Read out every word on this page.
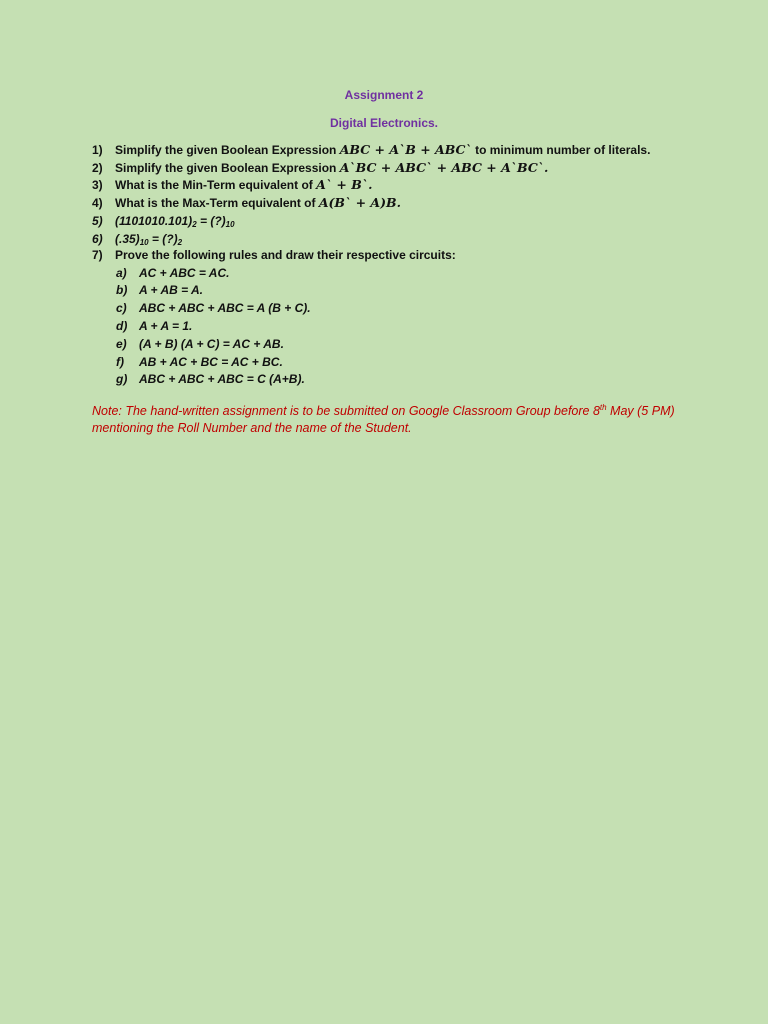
Assignment 2
Digital Electronics.
1) Simplify the given Boolean Expression ABC + A`B + ABC` to minimum number of literals.
2) Simplify the given Boolean Expression A`BC + ABC` + ABC + A`BC`.
3) What is the Min-Term equivalent of A` + B`.
4) What is the Max-Term equivalent of A(B` + A)B.
5) $(1101010.101)_2$ = $(?)_{10}$
6) $(.35)_{10}$ = $(?)_2$
7) Prove the following rules and draw their respective circuits:
a) AC + ABC = AC.
b) A + AB = A.
c) ABC + ABC + ABC = A (B + C).
d) A + A = 1.
e) (A + B) (A + C) = AC + AB.
f) AB + AC + BC = AC + BC.
g) ABC + ABC + ABC = C (A+B).
Note: The hand-written assignment is to be submitted on Google Classroom Group before 8th May (5 PM) mentioning the Roll Number and the name of the Student.
